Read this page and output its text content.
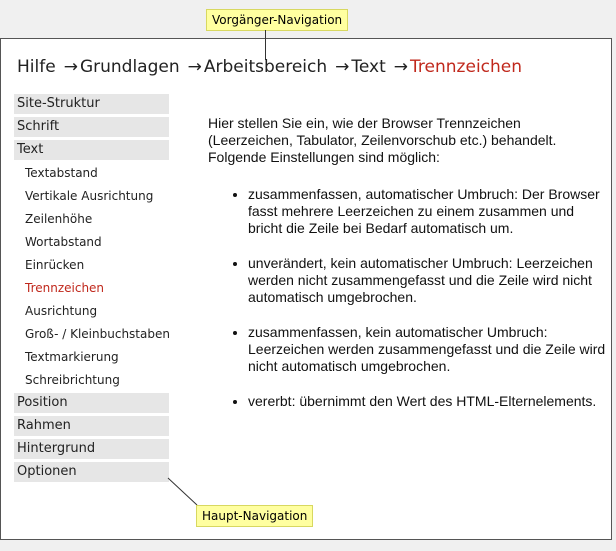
Vorgänger-Navigation
Hilfe → Grundlagen → Arbeitsbereich → Text → Trennzeichen
Site-Struktur
Schrift
Text
Textabstand
Vertikale Ausrichtung
Zeilenhöhe
Wortabstand
Einrücken
Trennzeichen
Ausrichtung
Groß- / Kleinbuchstaben
Textmarkierung
Schreibrichtung
Position
Rahmen
Hintergrund
Optionen

Hier stellen Sie ein, wie der Browser Trennzeichen (Leerzeichen, Tabulator, Zeilenvorschub etc.) behandelt. Folgende Einstellungen sind möglich:

• zusammenfassen, automatischer Umbruch: Der Browser fasst mehrere Leerzeichen zu einem zusammen und bricht die Zeile bei Bedarf automatisch um.
• unverändert, kein automatischer Umbruch: Leerzeichen werden nicht zusammengefasst und die Zeile wird nicht automatisch umgebrochen.
• zusammenfassen, kein automatischer Umbruch: Leerzeichen werden zusammengefasst und die Zeile wird nicht automatisch umgebrochen.
• vererbt: übernimmt den Wert des HTML-Elternelements.
Haupt-Navigation
